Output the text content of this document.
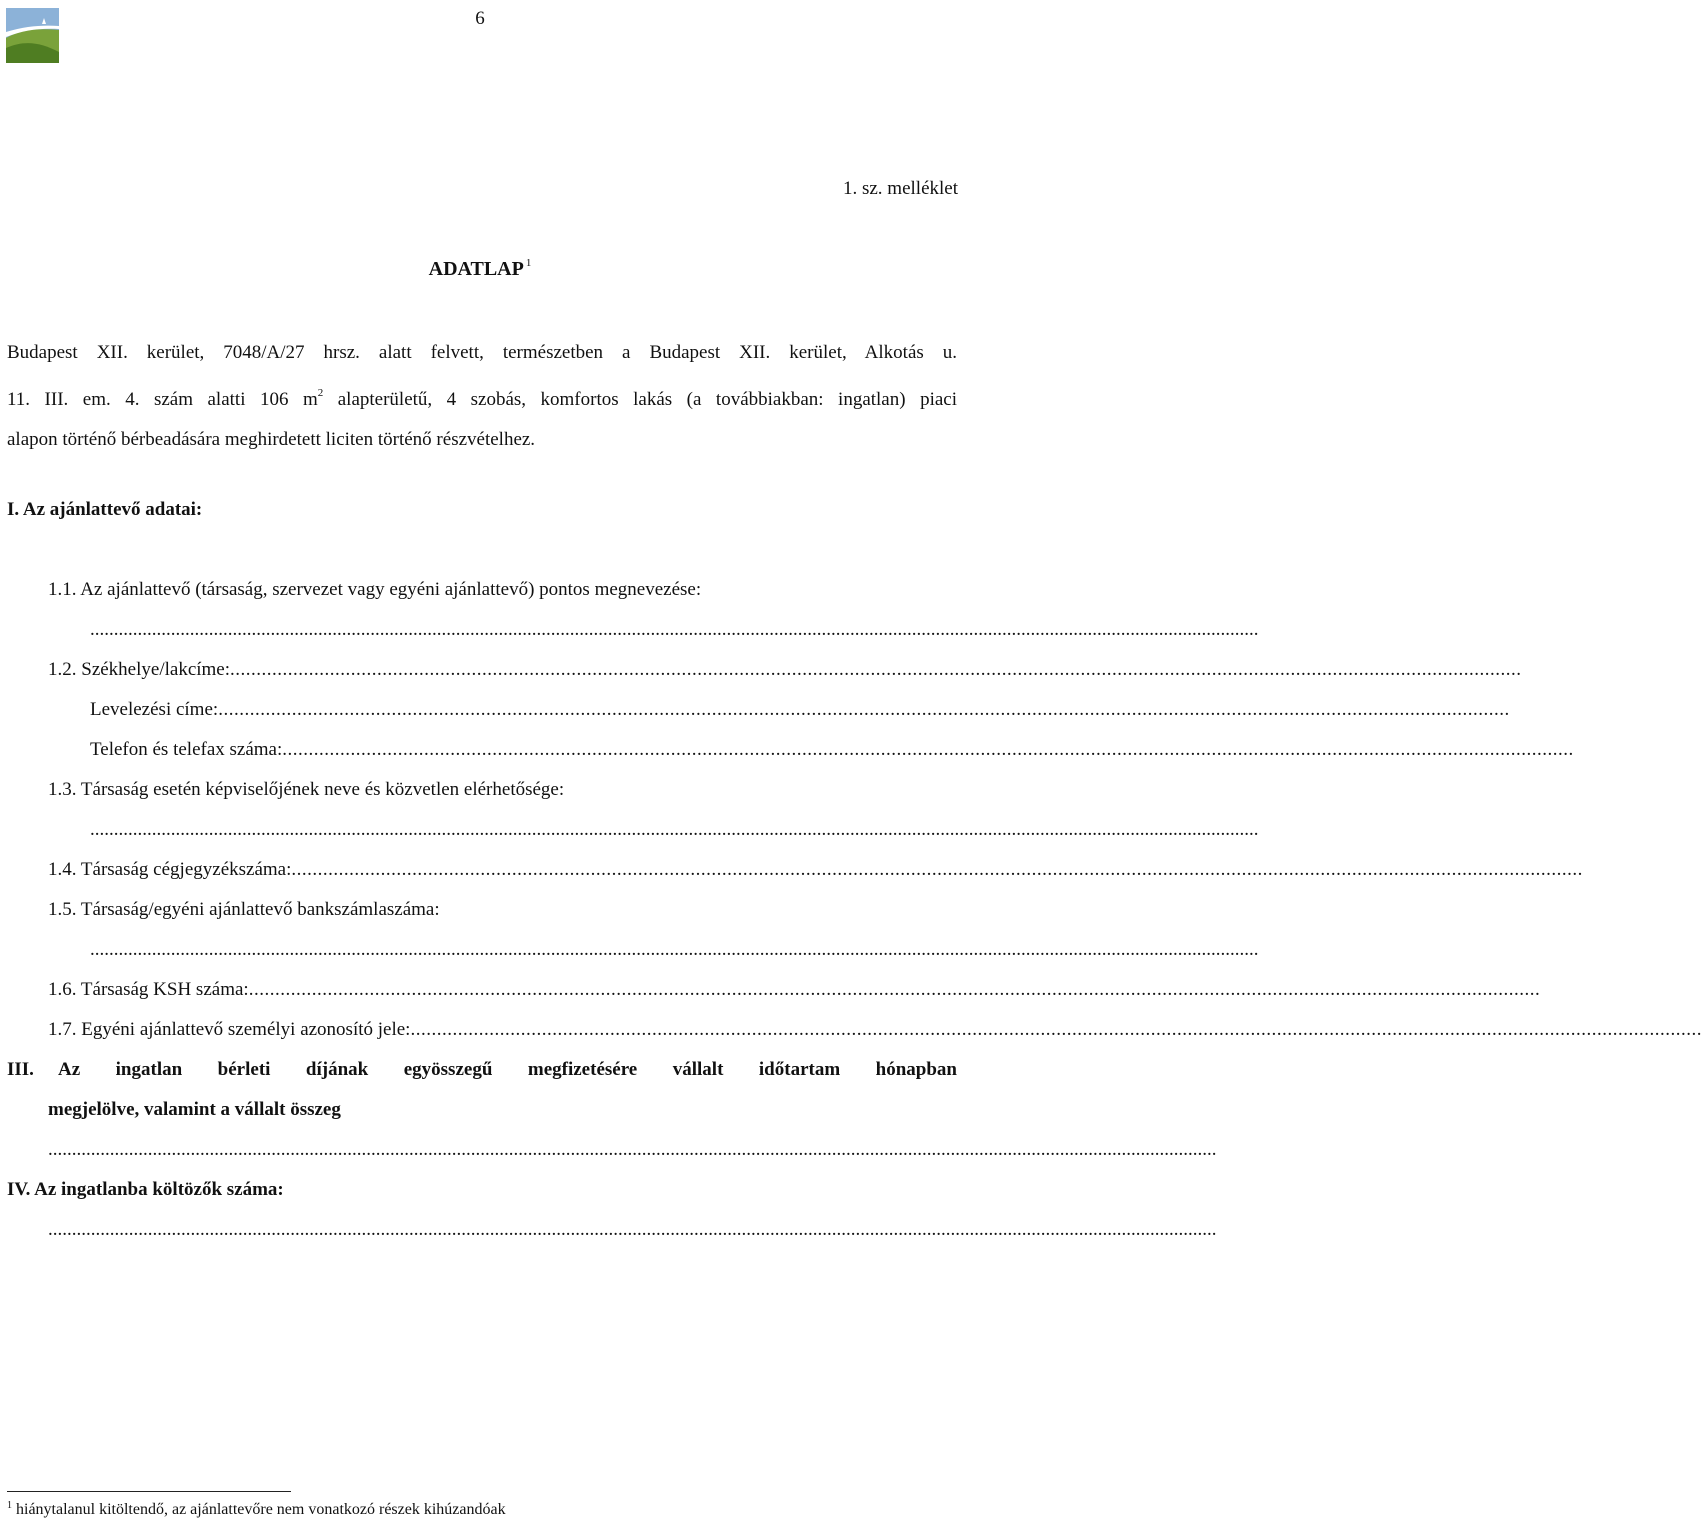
6
1. sz. melléklet
ADATLAP $^1$
Budapest XII. kerület, 7048/A/27 hrsz. alatt felvett, természetben a Budapest XII. kerület, Alkotás u.
11. III. em. 4. szám alatti 106 $m^2$ alapterületű, 4 szobás, komfortos lakás (a továbbiakban: ingatlan) piaci
alapon történő bérbeadására meghirdetett liciten történő részvételhez.
I. Az ajánlattevő adatai:
1.1. Az ajánlattevő (társaság, szervezet vagy egyéni ajánlattevő) pontos megnevezése:
......................................................................................................................................................................................................................................................
1.2. Székhelye/lakcíme: ......................................................................................................................................................................................................................................................
Levelezési címe: ......................................................................................................................................................................................................................................................
Telefon és telefax száma: ......................................................................................................................................................................................................................................................
1.3. Társaság esetén képviselőjének neve és közvetlen elérhetősége:
......................................................................................................................................................................................................................................................
1.4. Társaság cégjegyzékszáma: ......................................................................................................................................................................................................................................................
1.5. Társaság/egyéni ajánlattevő bankszámlaszáma:
......................................................................................................................................................................................................................................................
1.6. Társaság KSH száma: ......................................................................................................................................................................................................................................................
1.7. Egyéni ajánlattevő személyi azonosító jele: ......................................................................................................................................................................................................................................................
III. Az ingatlan bérleti díjának egyösszegű megfizetésére vállalt időtartam hónapban
megjelölve, valamint a vállalt összeg
......................................................................................................................................................................................................................................................
IV. Az ingatlanba költözők száma:
......................................................................................................................................................................................................................................................
$^1$ hiánytalanul kitöltendő, az ajánlattevőre nem vonatkozó részek kihúzandóak
